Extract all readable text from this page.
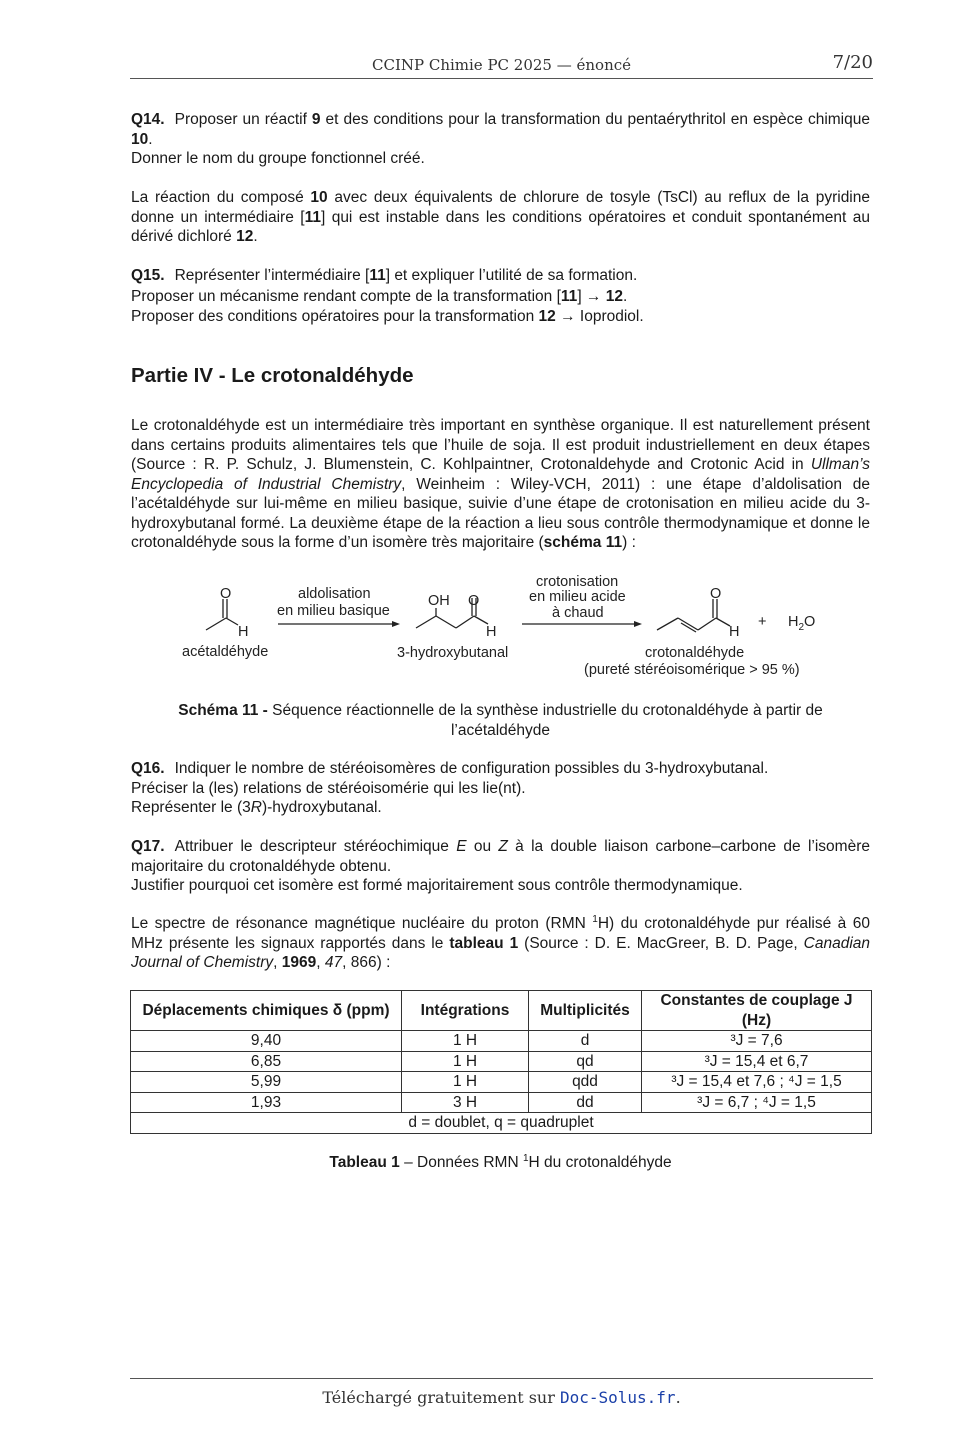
CCINP Chimie PC 2025 — énoncé	7/20

Q14. Proposer un réactif 9 et des conditions pour la transformation du pentaérythritol en espèce chimique 10.

Donner le nom du groupe fonctionnel créé.

La réaction du composé 10 avec deux équivalents de chlorure de tosyle (TsCl) au reflux de la pyridine donne un intermédiaire [11] qui est instable dans les conditions opératoires et conduit spontanément au dérivé dichloré 12.

Q15. Représenter l’intermédiaire [11] et expliquer l’utilité de sa formation.

Proposer un mécanisme rendant compte de la transformation [11] → 12.

Proposer des conditions opératoires pour la transformation 12 → Ioprodiol.

Partie IV - Le crotonaldéhyde

Le crotonaldéhyde est un intermédiaire très important en synthèse organique. Il est naturellement présent dans certains produits alimentaires tels que l’huile de soja. Il est produit industriellement en deux étapes (Source : R. P. Schulz, J. Blumenstein, C. Kohlpaintner, Crotonaldehyde and Crotonic Acid in Ullman’s Encyclopedia of Industrial Chemistry, Weinheim : Wiley-VCH, 2011) : une étape d’aldolisation de l’acétaldéhyde sur lui-même en milieu basique, suivie d’une étape de crotonisation en milieu acide du 3-hydroxybutanal formé. La deuxième étape de la réaction a lieu sous contrôle thermodynamique et donne le crotonaldéhyde sous la forme d’un isomère très majoritaire (schéma 11) :

O
H
acétaldéhyde
aldolisation
en milieu basique
OH O
H
3-hydroxybutanal
crotonisation
en milieu acide
à chaud
O
H
+ $H_2O$
crotonaldéhyde
(pureté stéréoisomérique > 95 %)
Schéma 11 - Séquence réactionnelle de la synthèse industrielle du crotonaldéhyde à partir de l’acétaldéhyde

Q16. Indiquer le nombre de stéréoisomères de configuration possibles du 3-hydroxybutanal.

Préciser la (les) relations de stéréoisomérie qui les lie(nt).

Représenter le (3R)-hydroxybutanal.

Q17. Attribuer le descripteur stéréochimique E ou Z à la double liaison carbone–carbone de l’isomère majoritaire du crotonaldéhyde obtenu.

Justifier pourquoi cet isomère est formé majoritairement sous contrôle thermodynamique.

Le spectre de résonance magnétique nucléaire du proton (RMN $^1$H) du crotonaldéhyde pur réalisé à 60 MHz présente les signaux rapportés dans le tableau 1 (Source : D. E. MacGreer, B. D. Page, Canadian Journal of Chemistry, 1969, 47, 866) :

Déplacements chimiques δ (ppm)	Intégrations	Multiplicités	Constantes de couplage J (Hz)
9,40	1 H	d	³J = 7,6
6,85	1 H	qd	³J = 15,4 et 6,7
5,99	1 H	qdd	³J = 15,4 et 7,6 ; ⁴J = 1,5
1,93	3 H	dd	³J = 6,7 ; ⁴J = 1,5
d = doublet, q = quadruplet			
Tableau 1 – Données RMN $^1$H du crotonaldéhyde
Téléchargé gratuitement sur Doc-Solus.fr.
